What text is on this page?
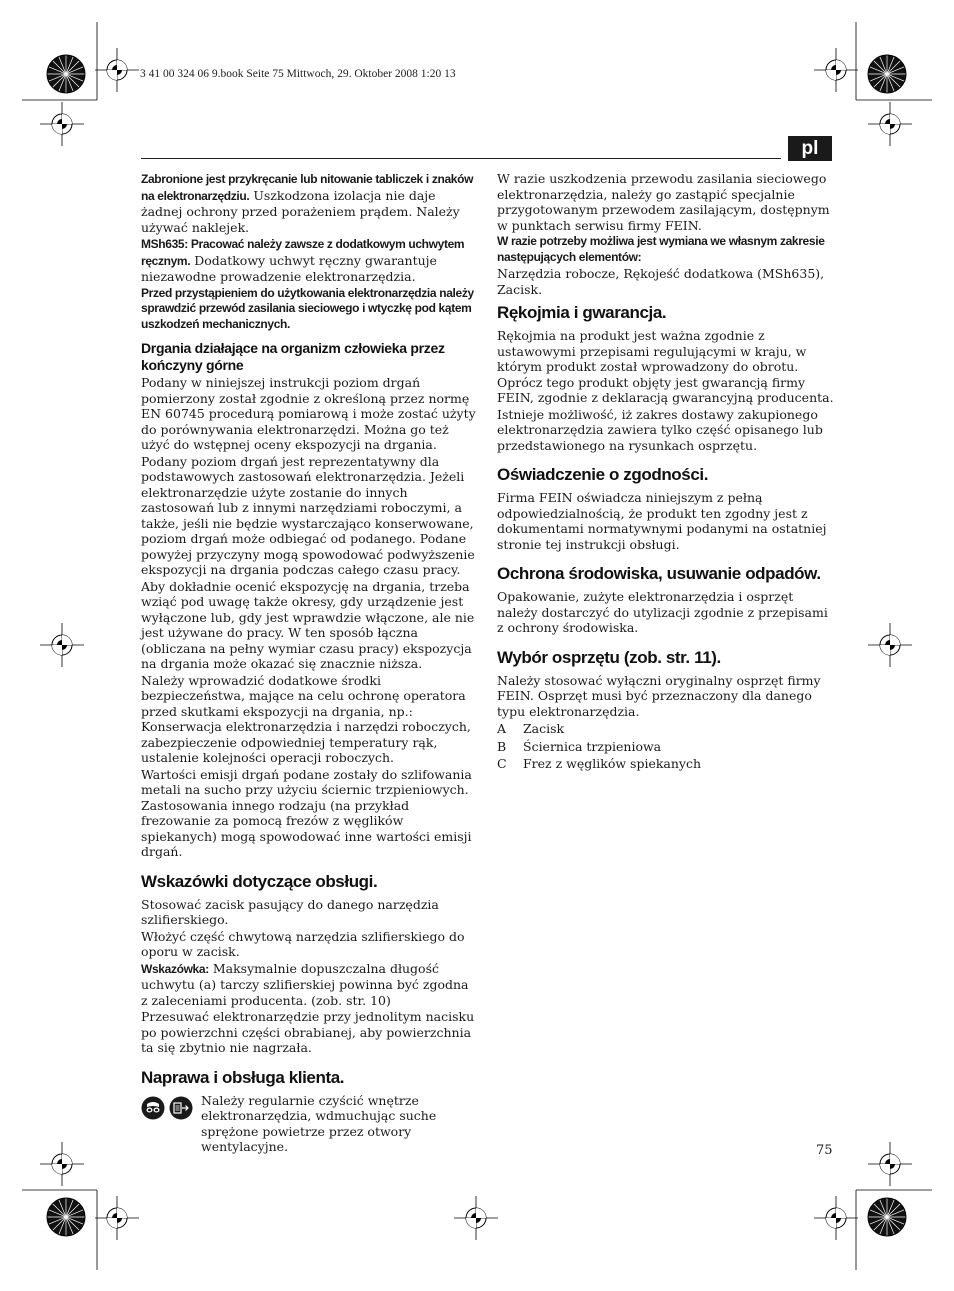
3 41 00 324 06 9.book Seite 75 Mittwoch, 29. Oktober 2008 1:20 13
pl

Zabronione jest przykręcanie lub nitowanie tabliczek i znaków na elektronarzędziu. Uszkodzona izolacja nie daje żadnej ochrony przed porażeniem prądem. Należy używać naklejek.

MSh635: Pracować należy zawsze z dodatkowym uchwytem ręcznym. Dodatkowy uchwyt ręczny gwarantuje niezawodne prowadzenie elektronarzędzia.

Przed przystąpieniem do użytkowania elektronarzędzia należy sprawdzić przewód zasilania sieciowego i wtyczkę pod kątem uszkodzeń mechanicznych.

Drgania działające na organizm człowieka przez kończyny górne

Podany w niniejszej instrukcji poziom drgań pomierzony został zgodnie z określoną przez normę EN 60745 procedurą pomiarową i może zostać użyty do porównywania elektronarzędzi. Można go też użyć do wstępnej oceny ekspozycji na drgania.

Podany poziom drgań jest reprezentatywny dla podstawowych zastosowań elektronarzędzia. Jeżeli elektronarzędzie użyte zostanie do innych zastosowań lub z innymi narzędziami roboczymi, a także, jeśli nie będzie wystarczająco konserwowane, poziom drgań może odbiegać od podanego. Podane powyżej przyczyny mogą spowodować podwyższenie ekspozycji na drgania podczas całego czasu pracy.

Aby dokładnie ocenić ekspozycję na drgania, trzeba wziąć pod uwagę także okresy, gdy urządzenie jest wyłączone lub, gdy jest wprawdzie włączone, ale nie jest używane do pracy. W ten sposób łączna (obliczana na pełny wymiar czasu pracy) ekspozycja na drgania może okazać się znacznie niższa.

Należy wprowadzić dodatkowe środki bezpieczeństwa, mające na celu ochronę operatora przed skutkami ekspozycji na drgania, np.: Konserwacja elektronarzędzia i narzędzi roboczych, zabezpieczenie odpowiedniej temperatury rąk, ustalenie kolejności operacji roboczych.

Wartości emisji drgań podane zostały do szlifowania metali na sucho przy użyciu ściernic trzpieniowych. Zastosowania innego rodzaju (na przykład frezowanie za pomocą frezów z węglików spiekanych) mogą spowodować inne wartości emisji drgań.

Wskazówki dotyczące obsługi.

Stosować zacisk pasujący do danego narzędzia szlifierskiego.

Włożyć część chwytową narzędzia szlifierskiego do oporu w zacisk.

Wskazówka: Maksymalnie dopuszczalna długość uchwytu (a) tarczy szlifierskiej powinna być zgodna z zaleceniami producenta. (zob. str. 10)

Przesuwać elektronarzędzie przy jednolitym nacisku po powierzchni części obrabianej, aby powierzchnia ta się zbytnio nie nagrzała.

Naprawa i obsługa klienta.

Należy regularnie czyścić wnętrze elektronarzędzia, wdmuchując suche sprężone powietrze przez otwory wentylacyjne.

W razie uszkodzenia przewodu zasilania sieciowego elektronarzędzia, należy go zastąpić specjalnie przygotowanym przewodem zasilającym, dostępnym w punktach serwisu firmy FEIN.

W razie potrzeby możliwa jest wymiana we własnym zakresie następujących elementów:

Narzędzia robocze, Rękojeść dodatkowa (MSh635), Zacisk.

Rękojmia i gwarancja.

Rękojmia na produkt jest ważna zgodnie z ustawowymi przepisami regulującymi w kraju, w którym produkt został wprowadzony do obrotu. Oprócz tego produkt objęty jest gwarancją firmy FEIN, zgodnie z deklaracją gwarancyjną producenta.

Istnieje możliwość, iż zakres dostawy zakupionego elektronarzędzia zawiera tylko część opisanego lub przedstawionego na rysunkach osprzętu.

Oświadczenie o zgodności.

Firma FEIN oświadcza niniejszym z pełną odpowiedzialnością, że produkt ten zgodny jest z dokumentami normatywnymi podanymi na ostatniej stronie tej instrukcji obsługi.

Ochrona środowiska, usuwanie odpadów.

Opakowanie, zużyte elektronarzędzia i osprzęt należy dostarczyć do utylizacji zgodnie z przepisami z ochrony środowiska.

Wybór osprzętu (zob. str. 11).

Należy stosować wyłączni oryginalny osprzęt firmy FEIN. Osprzęt musi być przeznaczony dla danego typu elektronarzędzia.

A	Zacisk
B	Ściernica trzpieniowa
C	Frez z węglików spiekanych
75
